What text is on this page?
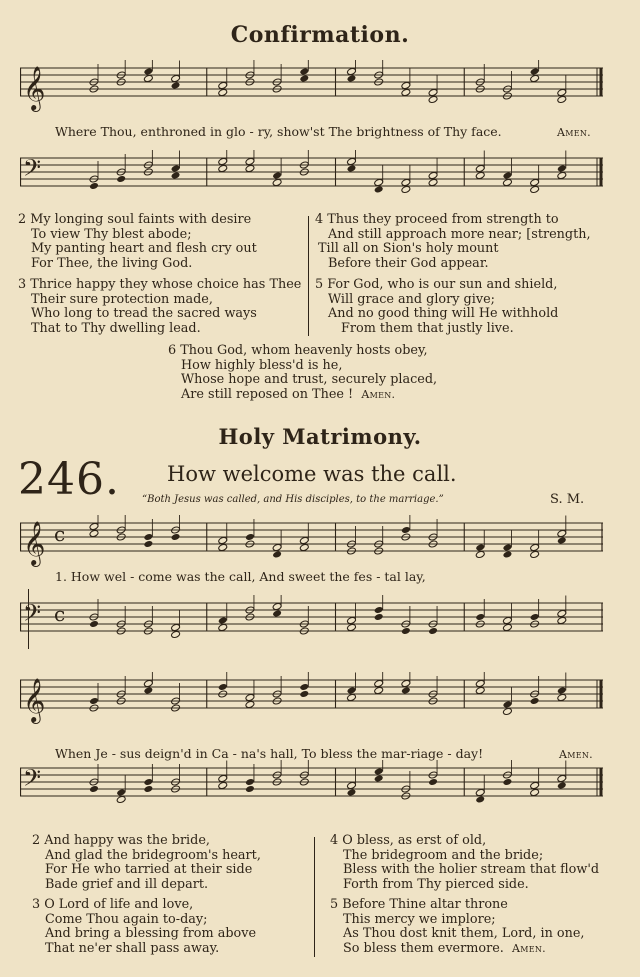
Confirmation.
𝄞
Where Thou, enthroned in glo - ry, show'st The brightness of Thy face.	Amen.
𝄢
2 My longing soul faints with desire
To view Thy blest abode;
My panting heart and flesh cry out
For Thee, the living God.
3 Thrice happy they whose choice has Thee
Their sure protection made,
Who long to tread the sacred ways
That to Thy dwelling lead.
4 Thus they proceed from strength to
And still approach more near; [strength,
Till all on Sion's holy mount
Before their God appear.
5 For God, who is our sun and shield,
Will grace and glory give;
And no good thing will He withhold
From them that justly live.
6 Thou God, whom heavenly hosts obey,
How highly bless'd is he,
Whose hope and trust, securely placed,
Are still reposed on Thee ! Amen.
Holy Matrimony.
246. How welcome was the call.
“Both Jesus was called, and His disciples, to the marriage.”	S. M.
𝄞 c
1. How wel - come was the call, And sweet the fes - tal lay,
𝄢 c
𝄞
When Je - sus deign'd in Ca - na's hall, To bless the mar-riage - day!	Amen.
𝄢
2 And happy was the bride,
And glad the bridegroom's heart,
For He who tarried at their side
Bade grief and ill depart.
3 O Lord of life and love,
Come Thou again to-day;
And bring a blessing from above
That ne'er shall pass away.
4 O bless, as erst of old,
The bridegroom and the bride;
Bless with the holier stream that flow'd
Forth from Thy pierced side.
5 Before Thine altar throne
This mercy we implore;
As Thou dost knit them, Lord, in one,
So bless them evermore. Amen.
